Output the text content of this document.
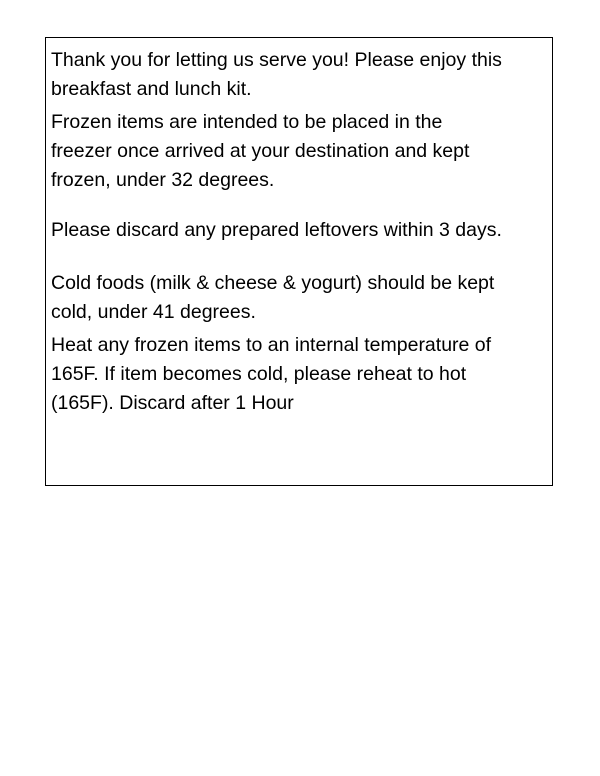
Thank you for letting us serve you! Please enjoy this
breakfast and lunch kit.

Frozen items are intended to be placed in the
freezer once arrived at your destination and kept
frozen, under 32 degrees.

Please discard any prepared leftovers within 3 days.

Cold foods (milk & cheese & yogurt) should be kept
cold, under 41 degrees.

Heat any frozen items to an internal temperature of
165F. If item becomes cold, please reheat to hot
(165F). Discard after 1 Hour
